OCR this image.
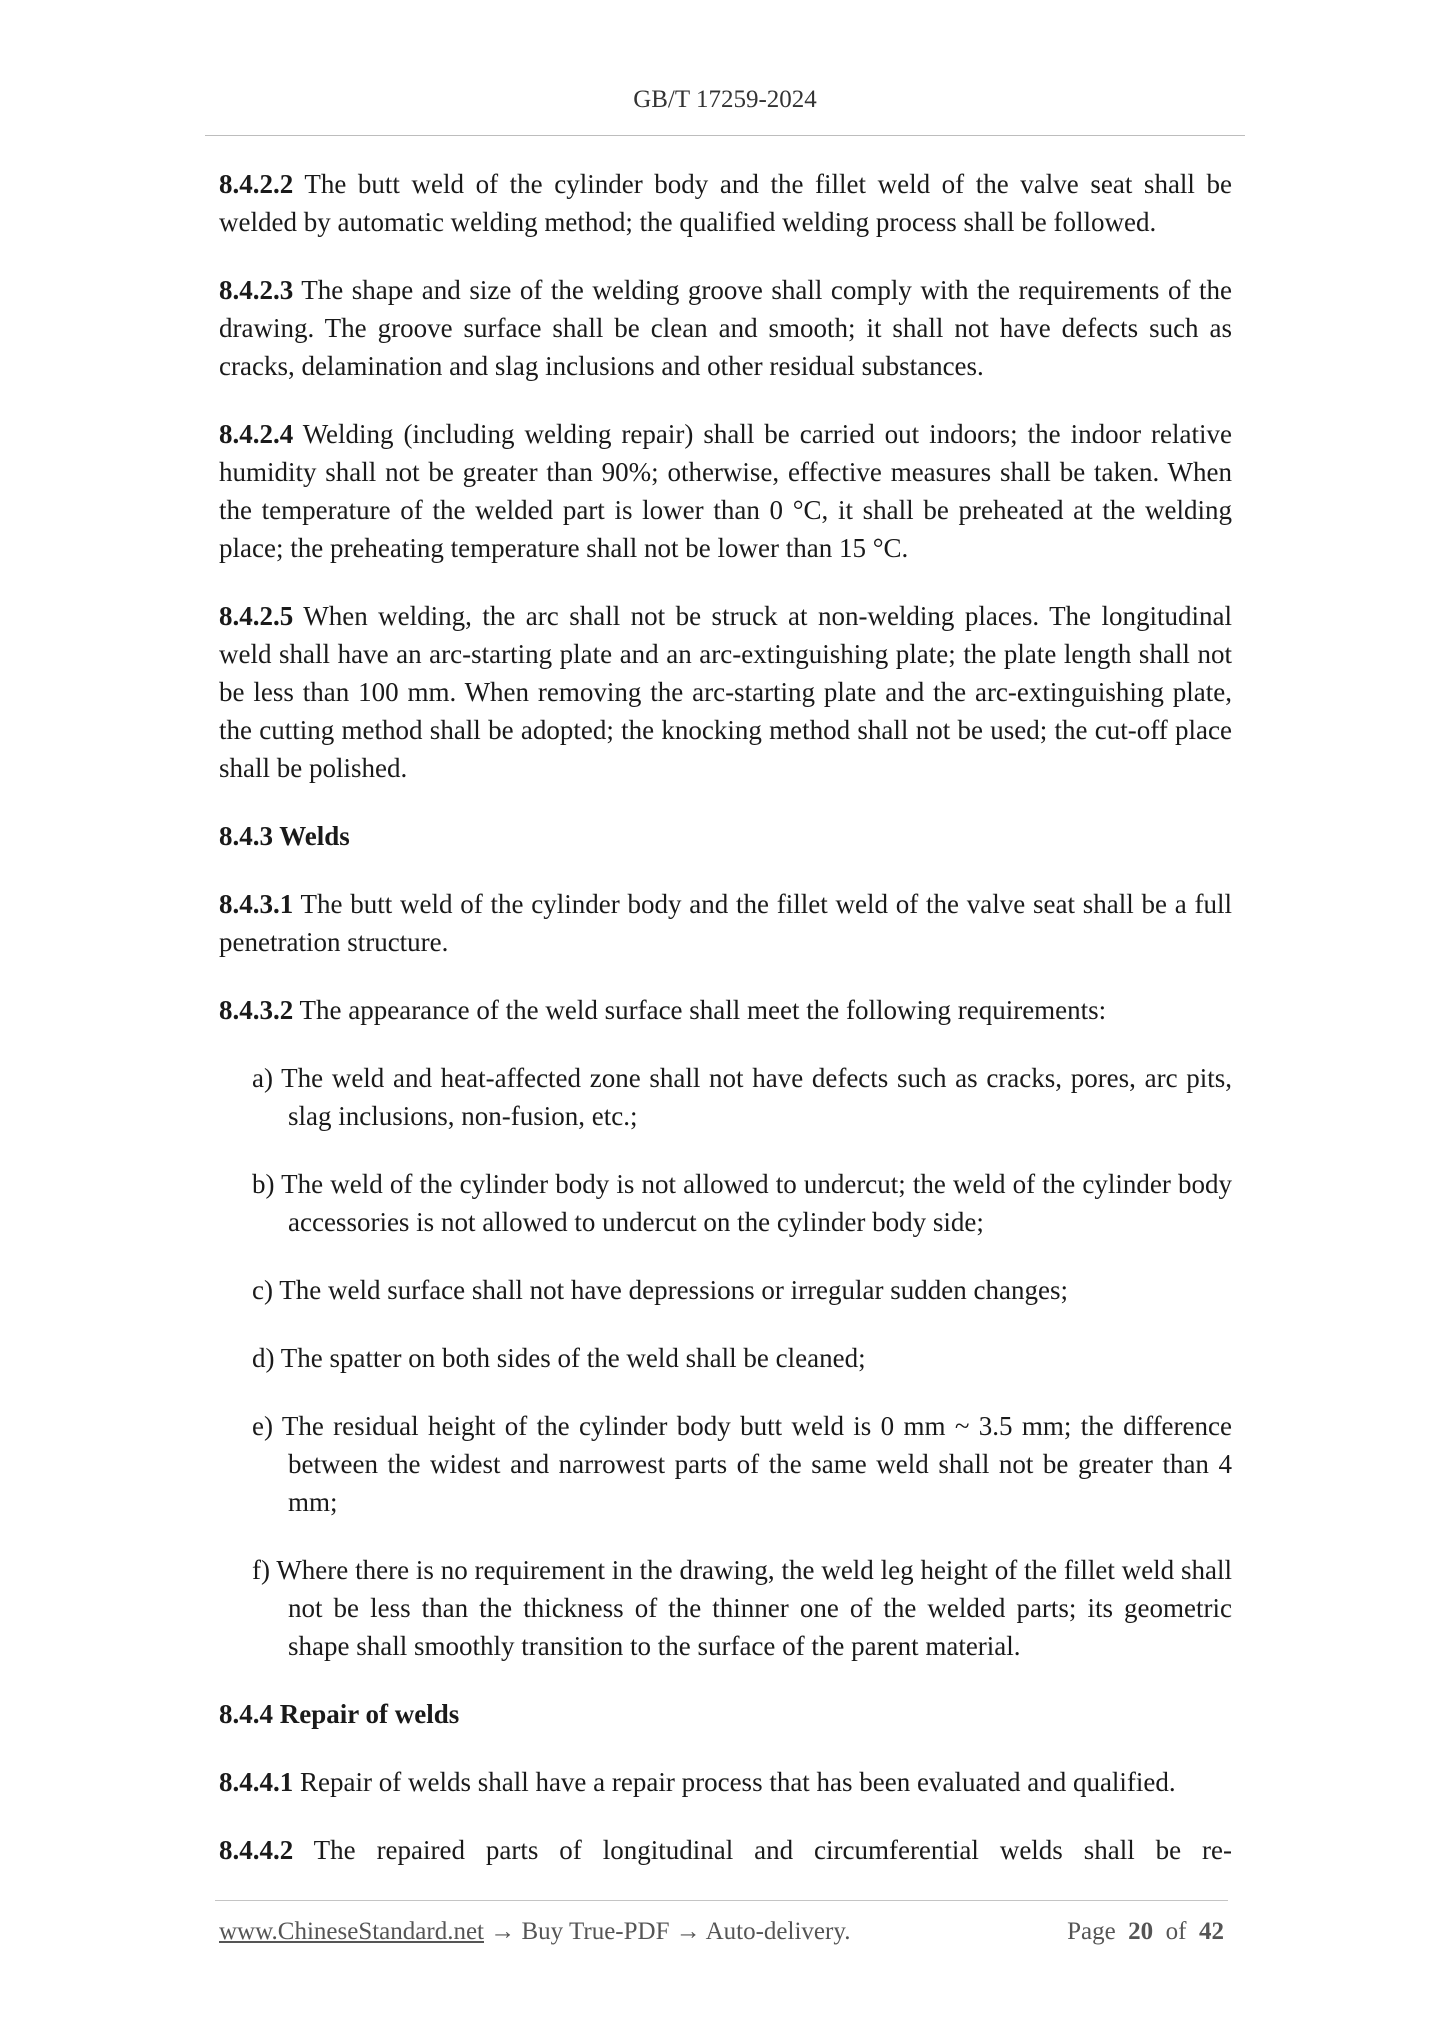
GB/T 17259-2024

8.4.2.2 The butt weld of the cylinder body and the fillet weld of the valve seat shall be welded by automatic welding method; the qualified welding process shall be followed.

8.4.2.3 The shape and size of the welding groove shall comply with the requirements of the drawing. The groove surface shall be clean and smooth; it shall not have defects such as cracks, delamination and slag inclusions and other residual substances.

8.4.2.4 Welding (including welding repair) shall be carried out indoors; the indoor relative humidity shall not be greater than 90%; otherwise, effective measures shall be taken. When the temperature of the welded part is lower than 0 °C, it shall be preheated at the welding place; the preheating temperature shall not be lower than 15 °C.

8.4.2.5 When welding, the arc shall not be struck at non-welding places. The longitudinal weld shall have an arc-starting plate and an arc-extinguishing plate; the plate length shall not be less than 100 mm. When removing the arc-starting plate and the arc-extinguishing plate, the cutting method shall be adopted; the knocking method shall not be used; the cut-off place shall be polished.

8.4.3 Welds

8.4.3.1 The butt weld of the cylinder body and the fillet weld of the valve seat shall be a full penetration structure.

8.4.3.2 The appearance of the weld surface shall meet the following requirements:

a) The weld and heat-affected zone shall not have defects such as cracks, pores, arc pits, slag inclusions, non-fusion, etc.;

b) The weld of the cylinder body is not allowed to undercut; the weld of the cylinder body accessories is not allowed to undercut on the cylinder body side;

c) The weld surface shall not have depressions or irregular sudden changes;

d) The spatter on both sides of the weld shall be cleaned;

e) The residual height of the cylinder body butt weld is 0 mm ~ 3.5 mm; the difference between the widest and narrowest parts of the same weld shall not be greater than 4 mm;

f) Where there is no requirement in the drawing, the weld leg height of the fillet weld shall not be less than the thickness of the thinner one of the welded parts; its geometric shape shall smoothly transition to the surface of the parent material.

8.4.4 Repair of welds

8.4.4.1 Repair of welds shall have a repair process that has been evaluated and qualified.

8.4.4.2 The repaired parts of longitudinal and circumferential welds shall be re-

www.ChineseStandard.net → Buy True-PDF → Auto-delivery.	Page 20 of 42
